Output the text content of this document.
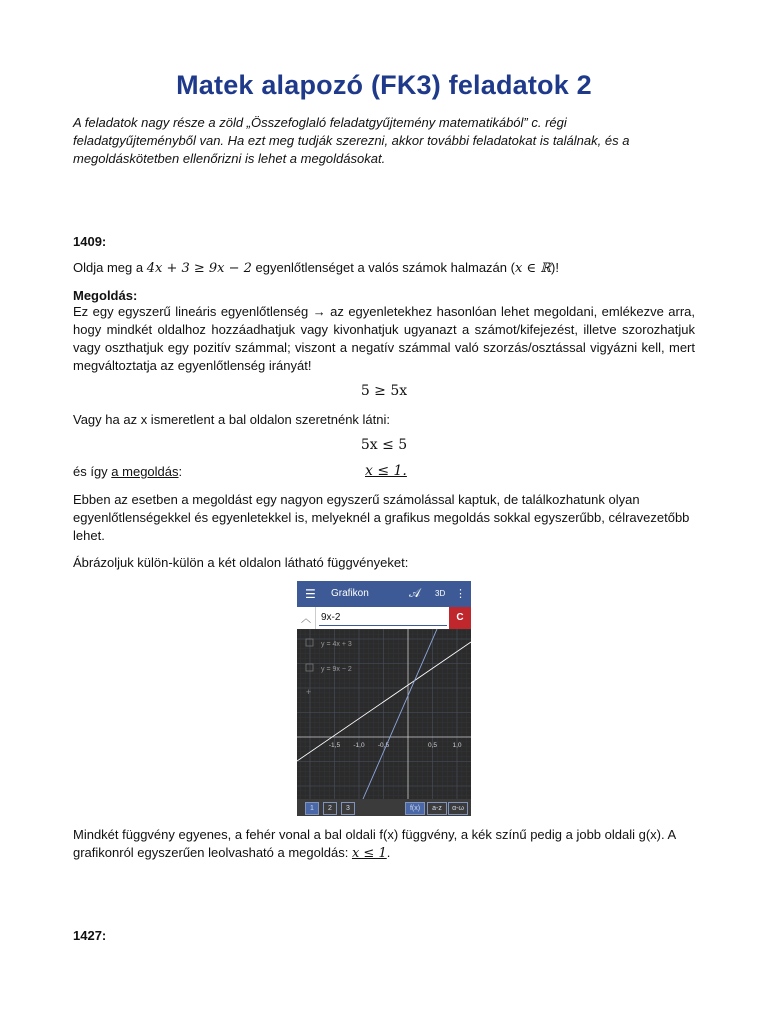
Matek alapozó (FK3) feladatok 2
A feladatok nagy része a zöld „Összefoglaló feladatgyűjtemény matematikából” c. régi feladatgyűjteményből van. Ha ezt meg tudják szerezni, akkor további feladatokat is találnak, és a megoldáskötetben ellenőrizni is lehet a megoldásokat.
1409:
Oldja meg a 4x + 3 ≥ 9x − 2 egyenlőtlenséget a valós számok halmazán (x ∈ ℝ)!
Megoldás:
Ez egy egyszerű lineáris egyenlőtlenség → az egyenletekhez hasonlóan lehet megoldani, emlékezve arra, hogy mindkét oldalhoz hozzáadhatjuk vagy kivonhatjuk ugyanazt a számot/kifejezést, illetve szorozhatjuk vagy oszthatjuk egy pozitív számmal; viszont a negatív számmal való szorzás/osztással vigyázni kell, mert megváltoztatja az egyenlőtlenség irányát!
5 ≥ 5x
Vagy ha az x ismeretlent a bal oldalon szeretnénk látni:
5x ≤ 5
és így a megoldás:	x ≤ 1.
Ebben az esetben a megoldást egy nagyon egyszerű számolással kaptuk, de találkozhatunk olyan egyenlőtlenségekkel és egyenletekkel is, melyeknél a grafikus megoldás sokkal egyszerűbb, célravezetőbb lehet.
Ábrázoljuk külön-külön a két oldalon látható függvényeket:
☰ Grafikon	𝒜 3D ⋮
︿ 9x-2	C
y = 4x + 3
y = 9x − 2
+
-1,5 -1,0 -0,5	0,5 1,0
1	2	3	f(x)	a-z	α-ω
Mindkét függvény egyenes, a fehér vonal a bal oldali f(x) függvény, a kék színű pedig a jobb oldali g(x). A grafikonról egyszerűen leolvasható a megoldás: x ≤ 1.
1427:
